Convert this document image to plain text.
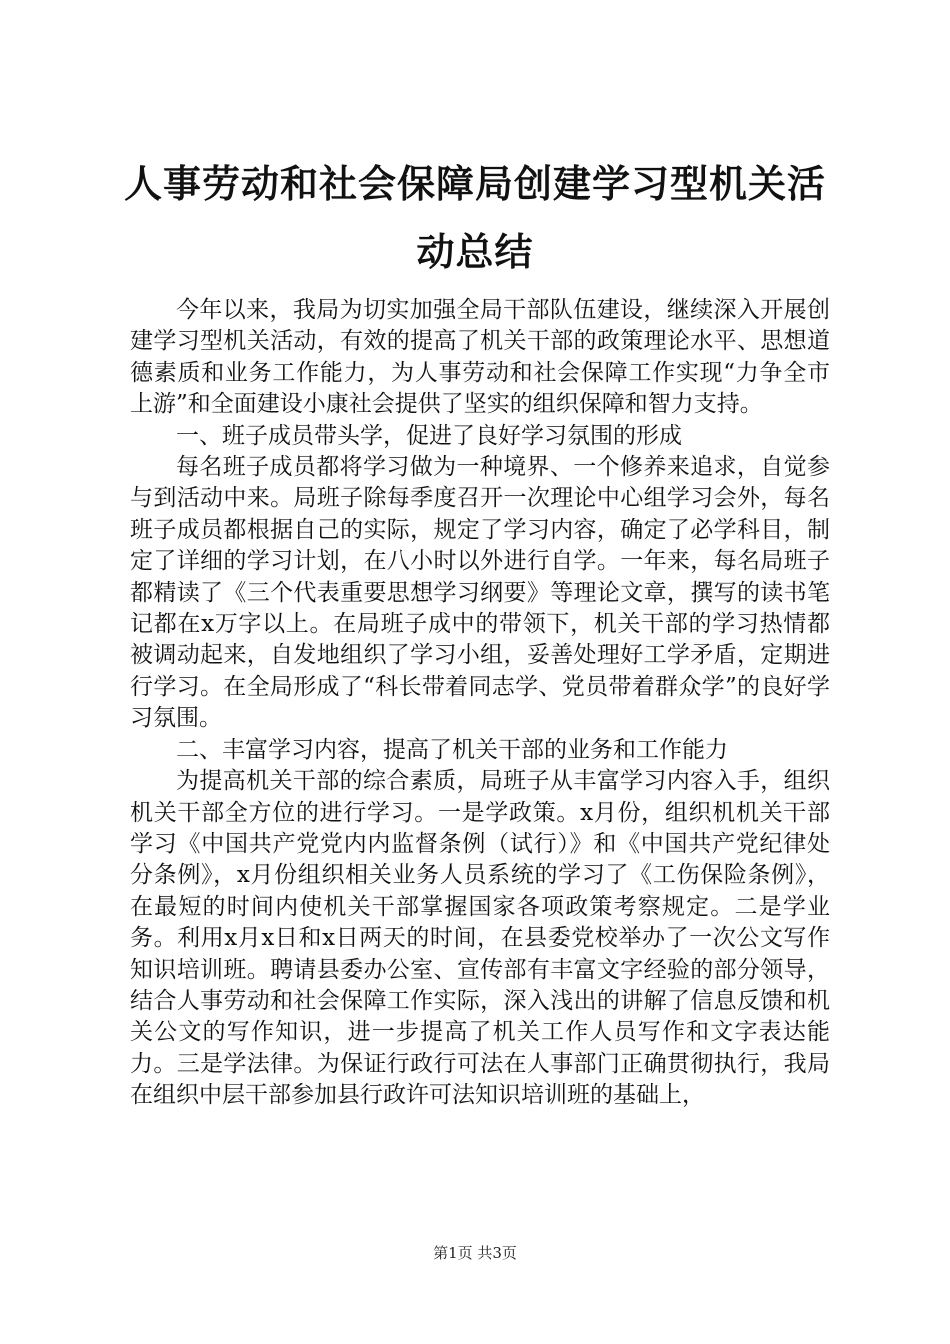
人事劳动和社会保障局创建学习型机关活动总结

今年以来，我局为切实加强全局干部队伍建设，继续深入开展创建学习型机关活动，有效的提高了机关干部的政策理论水平、思想道德素质和业务工作能力，为人事劳动和社会保障工作实现“力争全市上游”和全面建设小康社会提供了坚实的组织保障和智力支持。

一、班子成员带头学，促进了良好学习氛围的形成

每名班子成员都将学习做为一种境界、一个修养来追求，自觉参与到活动中来。局班子除每季度召开一次理论中心组学习会外，每名班子成员都根据自己的实际，规定了学习内容，确定了必学科目，制定了详细的学习计划，在八小时以外进行自学。一年来，每名局班子都精读了《三个代表重要思想学习纲要》等理论文章，撰写的读书笔记都在x万字以上。在局班子成中的带领下，机关干部的学习热情都被调动起来，自发地组织了学习小组，妥善处理好工学矛盾，定期进行学习。在全局形成了“科长带着同志学、党员带着群众学”的良好学习氛围。

二、丰富学习内容，提高了机关干部的业务和工作能力

为提高机关干部的综合素质，局班子从丰富学习内容入手，组织机关干部全方位的进行学习。一是学政策。x月份，组织机机关干部学习《中国共产党党内内监督条例（试行）》和《中国共产党纪律处分条例》，x月份组织相关业务人员系统的学习了《工伤保险条例》，在最短的时间内使机关干部掌握国家各项政策考察规定。二是学业务。利用x月x日和x日两天的时间，在县委党校举办了一次公文写作知识培训班。聘请县委办公室、宣传部有丰富文字经验的部分领导，结合人事劳动和社会保障工作实际，深入浅出的讲解了信息反馈和机关公文的写作知识，进一步提高了机关工作人员写作和文字表达能力。三是学法律。为保证行政行可法在人事部门正确贯彻执行，我局在组织中层干部参加县行政许可法知识培训班的基础上，

第1页 共3页
